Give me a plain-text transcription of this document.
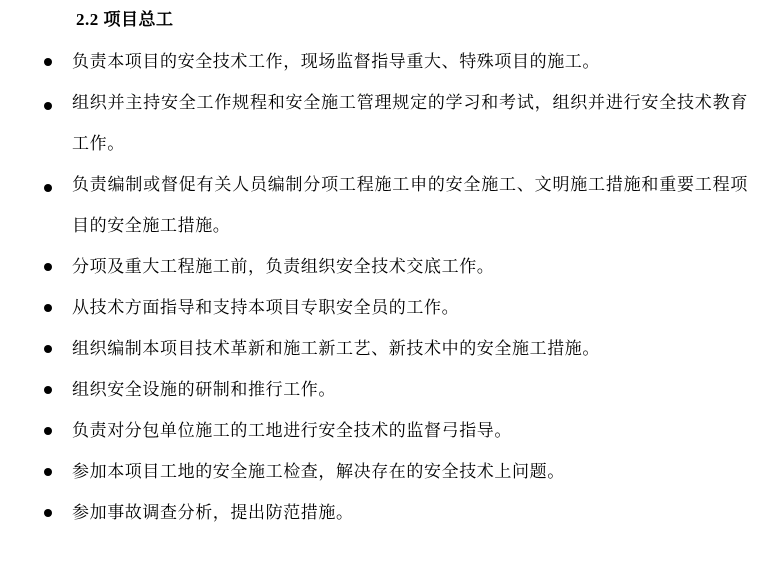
2.2 项目总工
负责本项目的安全技术工作，现场监督指导重大、特殊项目的施工。
组织并主持安全工作规程和安全施工管理规定的学习和考试，组织并进行安全技术教育工作。
负责编制或督促有关人员编制分项工程施工申的安全施工、文明施工措施和重要工程项目的安全施工措施。
分项及重大工程施工前，负责组织安全技术交底工作。
从技术方面指导和支持本项目专职安全员的工作。
组织编制本项目技术革新和施工新工艺、新技术中的安全施工措施。
组织安全设施的研制和推行工作。
负责对分包单位施工的工地进行安全技术的监督弓指导。
参加本项目工地的安全施工检查，解决存在的安全技术上问题。
参加事故调查分析，提出防范措施。
